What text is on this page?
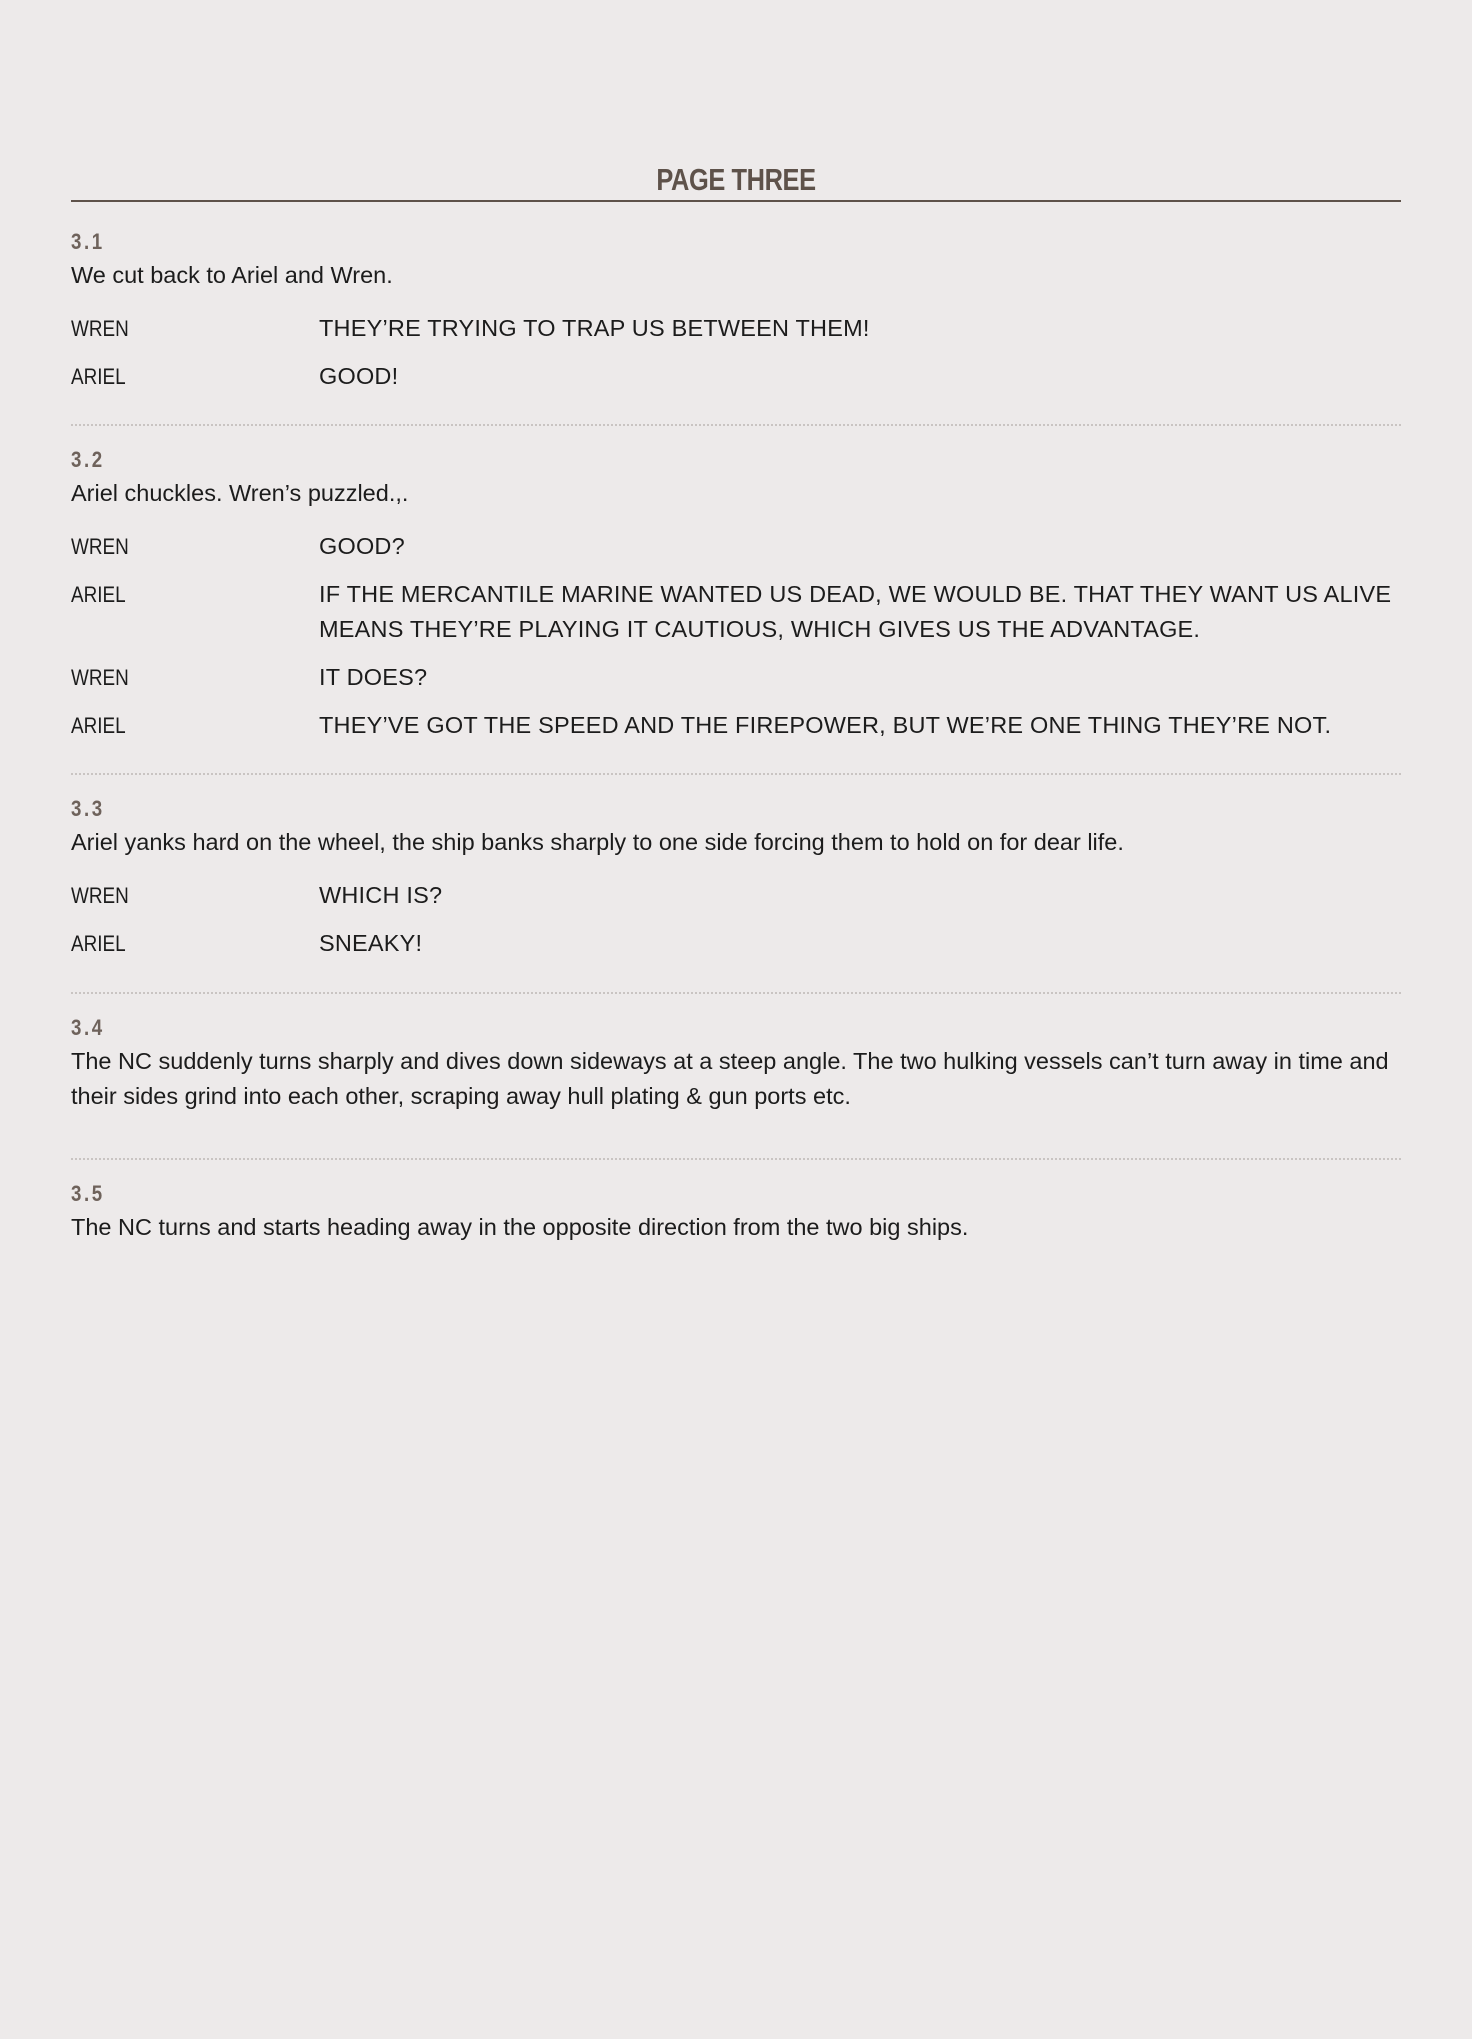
PAGE THREE
3.1
We cut back to Ariel and Wren.
WREN	THEY’RE TRYING TO TRAP US BETWEEN THEM!
ARIEL	GOOD!
3.2
Ariel chuckles. Wren’s puzzled.,.
WREN	GOOD?
ARIEL	IF THE MERCANTILE MARINE WANTED US DEAD, WE WOULD BE. THAT THEY WANT US ALIVE MEANS THEY’RE PLAYING IT CAUTIOUS, WHICH GIVES US THE ADVANTAGE.
WREN	IT DOES?
ARIEL	THEY’VE GOT THE SPEED AND THE FIREPOWER, BUT WE’RE ONE THING THEY’RE NOT.
3.3
Ariel yanks hard on the wheel, the ship banks sharply to one side forcing them to hold on for dear life.
WREN	WHICH IS?
ARIEL	SNEAKY!
3.4
The NC suddenly turns sharply and dives down sideways at a steep angle. The two hulking vessels can’t turn away in time and their sides grind into each other, scraping away hull plating & gun ports etc.
3.5
The NC turns and starts heading away in the opposite direction from the two big ships.
